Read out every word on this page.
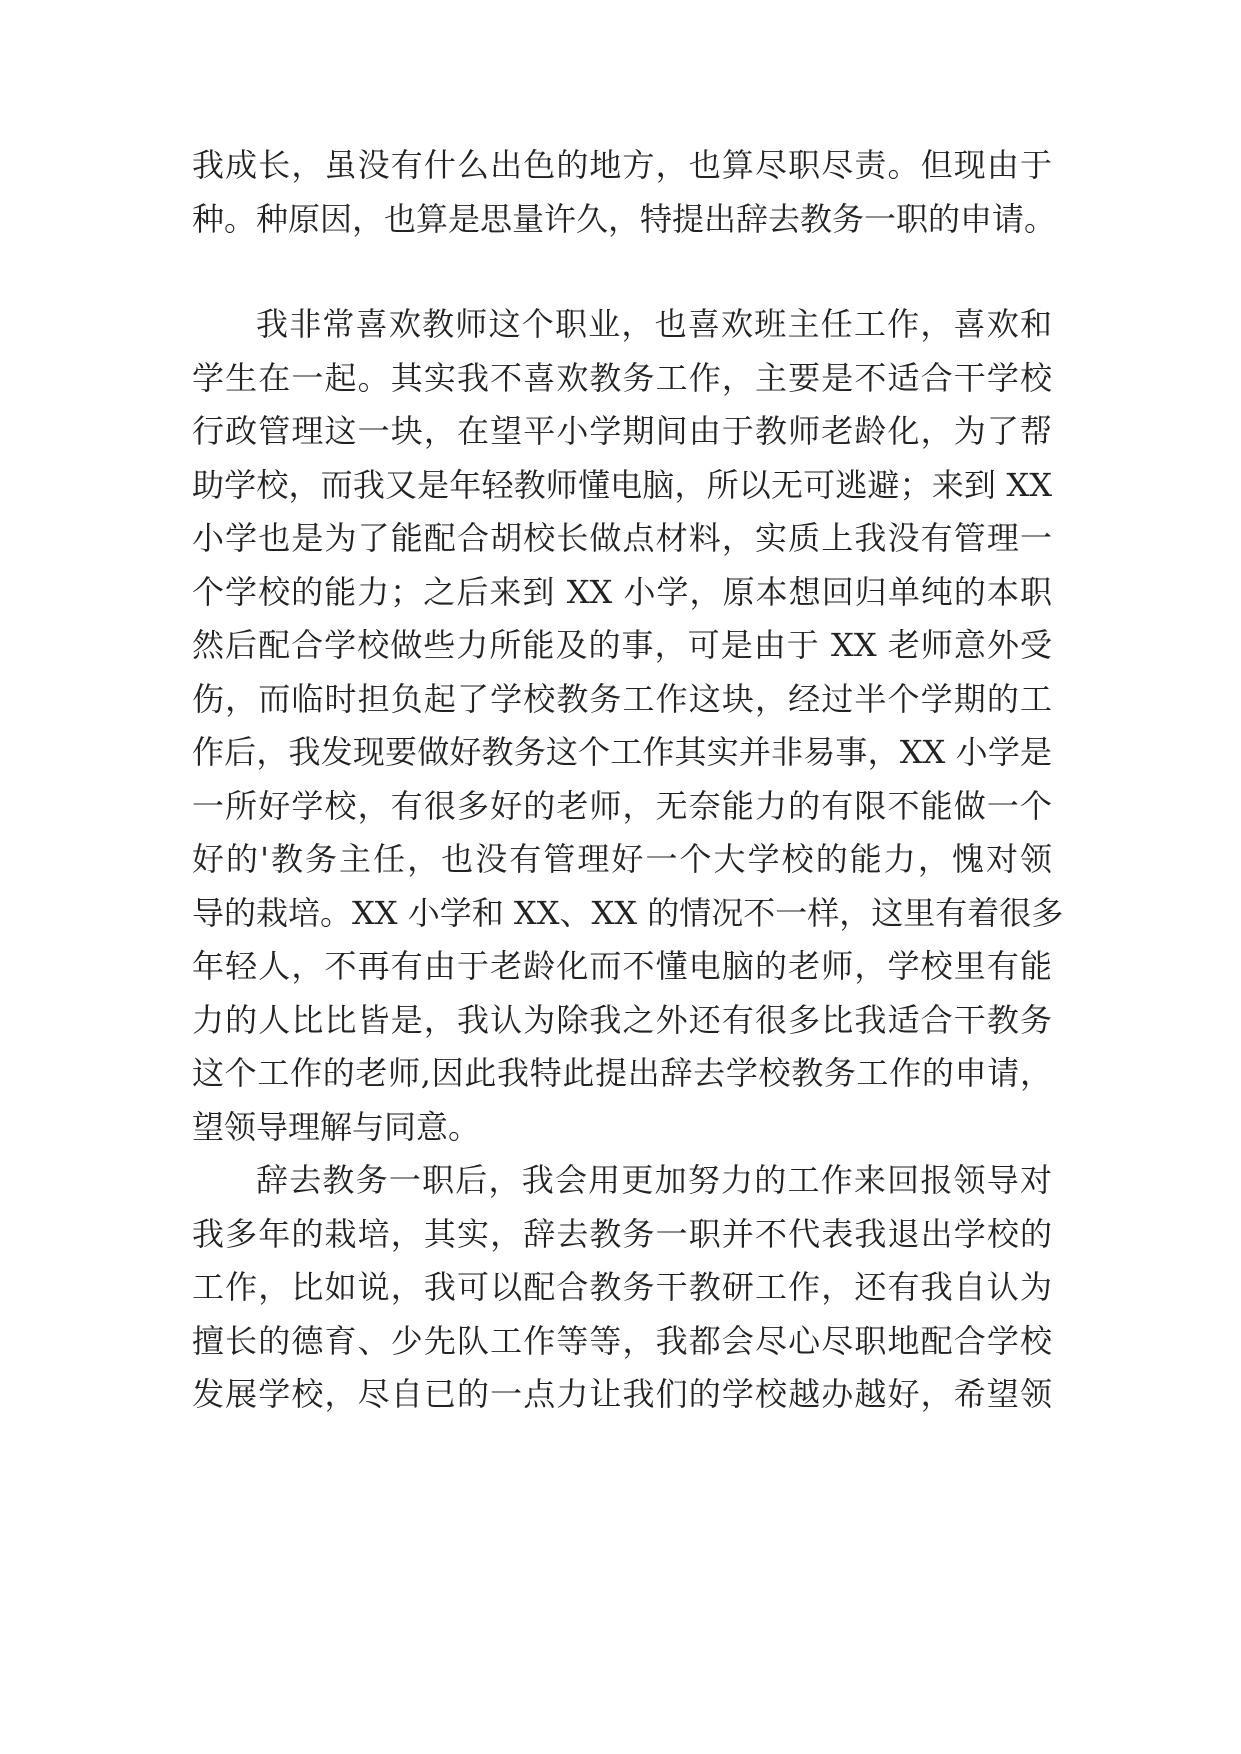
我成长，虽没有什么出色的地方，也算尽职尽责。但现由于
种。种原因，也算是思量许久，特提出辞去教务一职的申请。
我非常喜欢教师这个职业，也喜欢班主任工作，喜欢和
学生在一起。其实我不喜欢教务工作，主要是不适合干学校
行政管理这一块，在望平小学期间由于教师老龄化，为了帮
助学校，而我又是年轻教师懂电脑，所以无可逃避；来到 XX
小学也是为了能配合胡校长做点材料，实质上我没有管理一
个学校的能力；之后来到 XX 小学，原本想回归单纯的本职
然后配合学校做些力所能及的事，可是由于 XX 老师意外受
伤，而临时担负起了学校教务工作这块，经过半个学期的工
作后，我发现要做好教务这个工作其实并非易事，XX 小学是
一所好学校，有很多好的老师，无奈能力的有限不能做一个
好的'教务主任，也没有管理好一个大学校的能力，愧对领
导的栽培。XX 小学和 XX、XX 的情况不一样，这里有着很多
年轻人，不再有由于老龄化而不懂电脑的老师，学校里有能
力的人比比皆是，我认为除我之外还有很多比我适合干教务
这个工作的老师,因此我特此提出辞去学校教务工作的申请，
望领导理解与同意。
辞去教务一职后，我会用更加努力的工作来回报领导对
我多年的栽培，其实，辞去教务一职并不代表我退出学校的
工作，比如说，我可以配合教务干教研工作，还有我自认为
擅长的德育、少先队工作等等，我都会尽心尽职地配合学校
发展学校，尽自已的一点力让我们的学校越办越好，希望领
